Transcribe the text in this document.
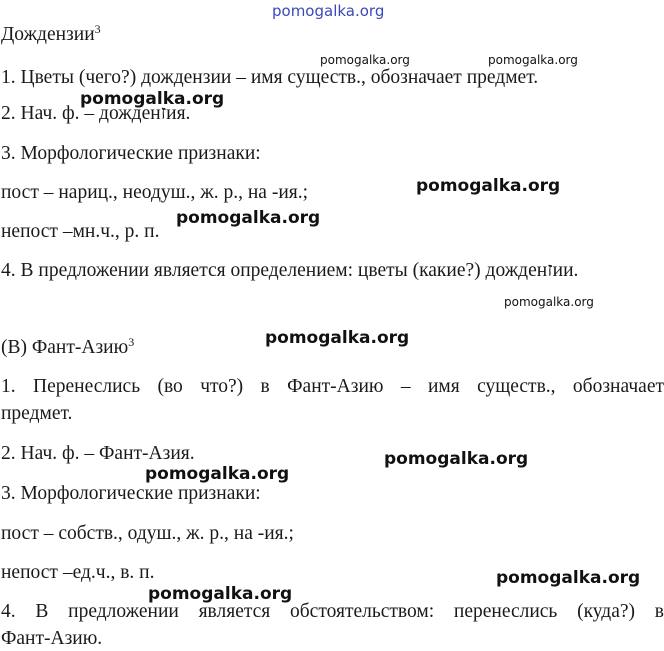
Дождензии$^3$
1. Цветы (чего?) дождензии – имя существ., обозначает предмет.
2. Нач. ф. – дожденזия.
3. Морфологические признаки:
пост – нариц., неодуш., ж. р., на -ия.;
непост –мн.ч., р. п.
4. В предложении является определением: цветы (какие?) дожденזии.
(В) Фант-Азию$^3$
1. Перенеслись (во что?) в Фант-Азию – имя существ., обозначает
предмет.
2. Нач. ф. – Фант-Азия.
3. Морфологические признаки:
пост – собств., одуш., ж. р., на -ия.;
непост –ед.ч., в. п.
4. В предложении является обстоятельством: перенеслись (куда?) в
Фант-Азию.
pomogalka.org
pomogalka.org	pomogalka.org
pomogalka.org
pomogalka.org
pomogalka.org
pomogalka.org
pomogalka.org
pomogalka.org
pomogalka.org
pomogalka.org
pomogalka.org
